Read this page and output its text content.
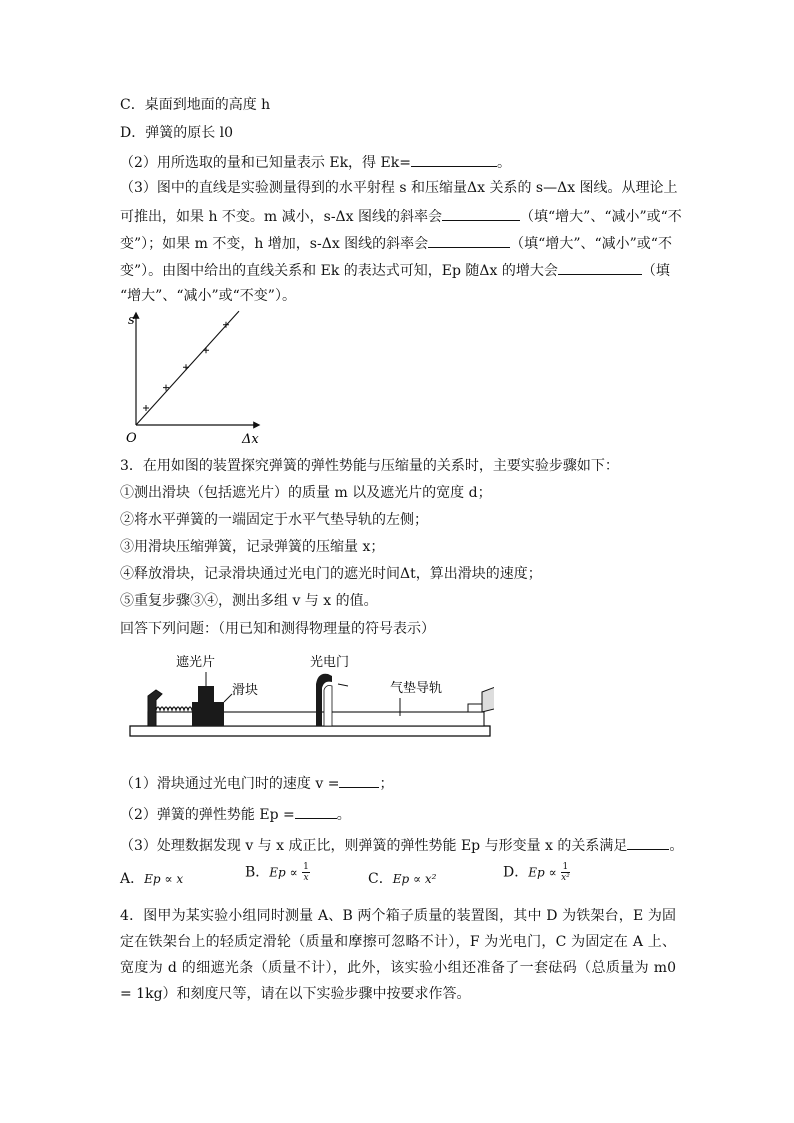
C．桌面到地面的高度 h
D．弹簧的原长 l0
（2）用所选取的量和已知量表示 Ek，得 Ek=	。
（3）图中的直线是实验测量得到的水平射程 s 和压缩量Δx 关系的 s—Δx 图线。从理论上
可推出，如果 h 不变。m 减小，s-Δx 图线的斜率会	（填“增大”、“减小”或“不
变”）；如果 m 不变，h 增加，s-Δx 图线的斜率会	（填“增大”、“减小”或“不
变”）。由图中给出的直线关系和 Ek 的表达式可知，Ep 随Δx 的增大会	（填
“增大”、“减小”或“不变”）。
s
Δx
O
3．在用如图的装置探究弹簧的弹性势能与压缩量的关系时，主要实验步骤如下：
①测出滑块（包括遮光片）的质量 m 以及遮光片的宽度 d；
②将水平弹簧的一端固定于水平气垫导轨的左侧；
③用滑块压缩弹簧，记录弹簧的压缩量 x；
④释放滑块，记录滑块通过光电门的遮光时间Δt，算出滑块的速度；
⑤重复步骤③④，测出多组 v 与 x 的值。
回答下列问题：（用已知和测得物理量的符号表示）
遮光片
滑块
光电门
气垫导轨
（1）滑块通过光电门时的速度 v =	；
（2）弹簧的弹性势能 Ep =	。
（3）处理数据发现 v 与 x 成正比，则弹簧的弹性势能 Ep 与形变量 x 的关系满足	。
A．Ep ∝ x	B．$Ep \propto \frac{1}{x}$	C．Ep ∝ x²	D．$Ep \propto \frac{1}{\text{x²}}$
4．图甲为某实验小组同时测量 A、B 两个箱子质量的装置图，其中 D 为铁架台，E 为固定在铁架台上的轻质定滑轮（质量和摩擦可忽略不计），F 为光电门，C 为固定在 A 上、宽度为 d 的细遮光条（质量不计），此外，该实验小组还准备了一套砝码（总质量为 m0 = 1kg）和刻度尺等，请在以下实验步骤中按要求作答。
